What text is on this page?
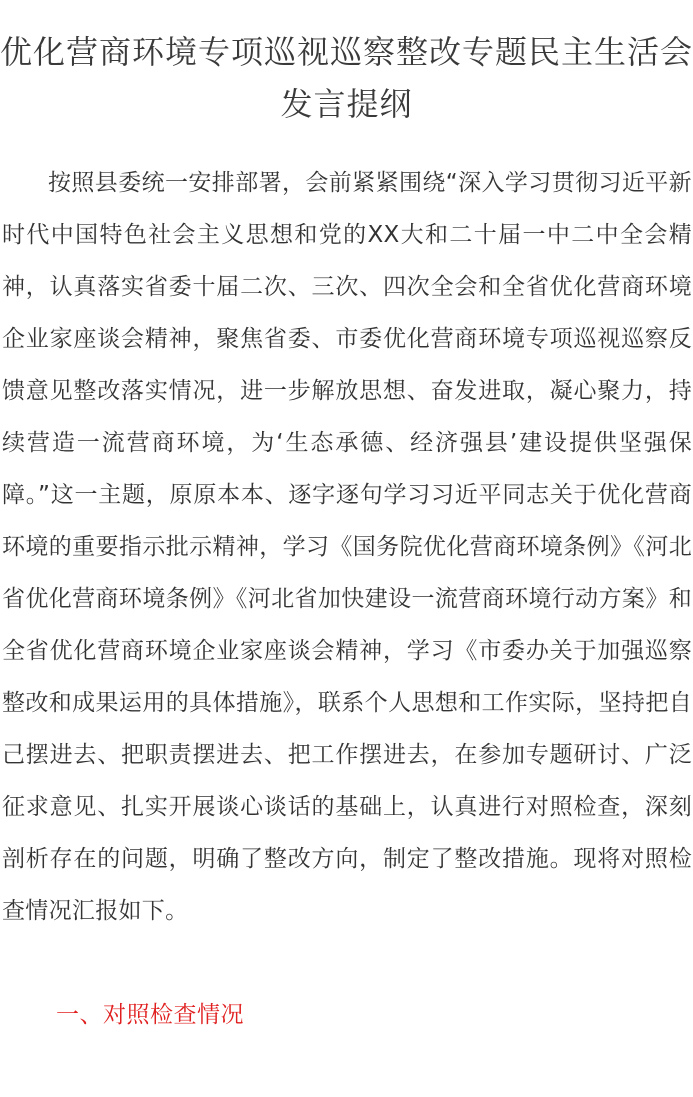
优化营商环境专项巡视巡察整改专题民主生活会发言提纲

按照县委统一安排部署，会前紧紧围绕“深入学习贯彻习近平新时代中国特色社会主义思想和党的XX大和二十届一中二中全会精神，认真落实省委十届二次、三次、四次全会和全省优化营商环境企业家座谈会精神，聚焦省委、市委优化营商环境专项巡视巡察反馈意见整改落实情况，进一步解放思想、奋发进取，凝心聚力，持续营造一流营商环境，为‘生态承德、经济强县’建设提供坚强保障。”这一主题，原原本本、逐字逐句学习习近平同志关于优化营商环境的重要指示批示精神，学习《国务院优化营商环境条例》《河北省优化营商环境条例》《河北省加快建设一流营商环境行动方案》和全省优化营商环境企业家座谈会精神，学习《市委办关于加强巡察整改和成果运用的具体措施》，联系个人思想和工作实际，坚持把自己摆进去、把职责摆进去、把工作摆进去，在参加专题研讨、广泛征求意见、扎实开展谈心谈话的基础上，认真进行对照检查，深刻剖析存在的问题，明确了整改方向，制定了整改措施。现将对照检查情况汇报如下。

一、对照检查情况
